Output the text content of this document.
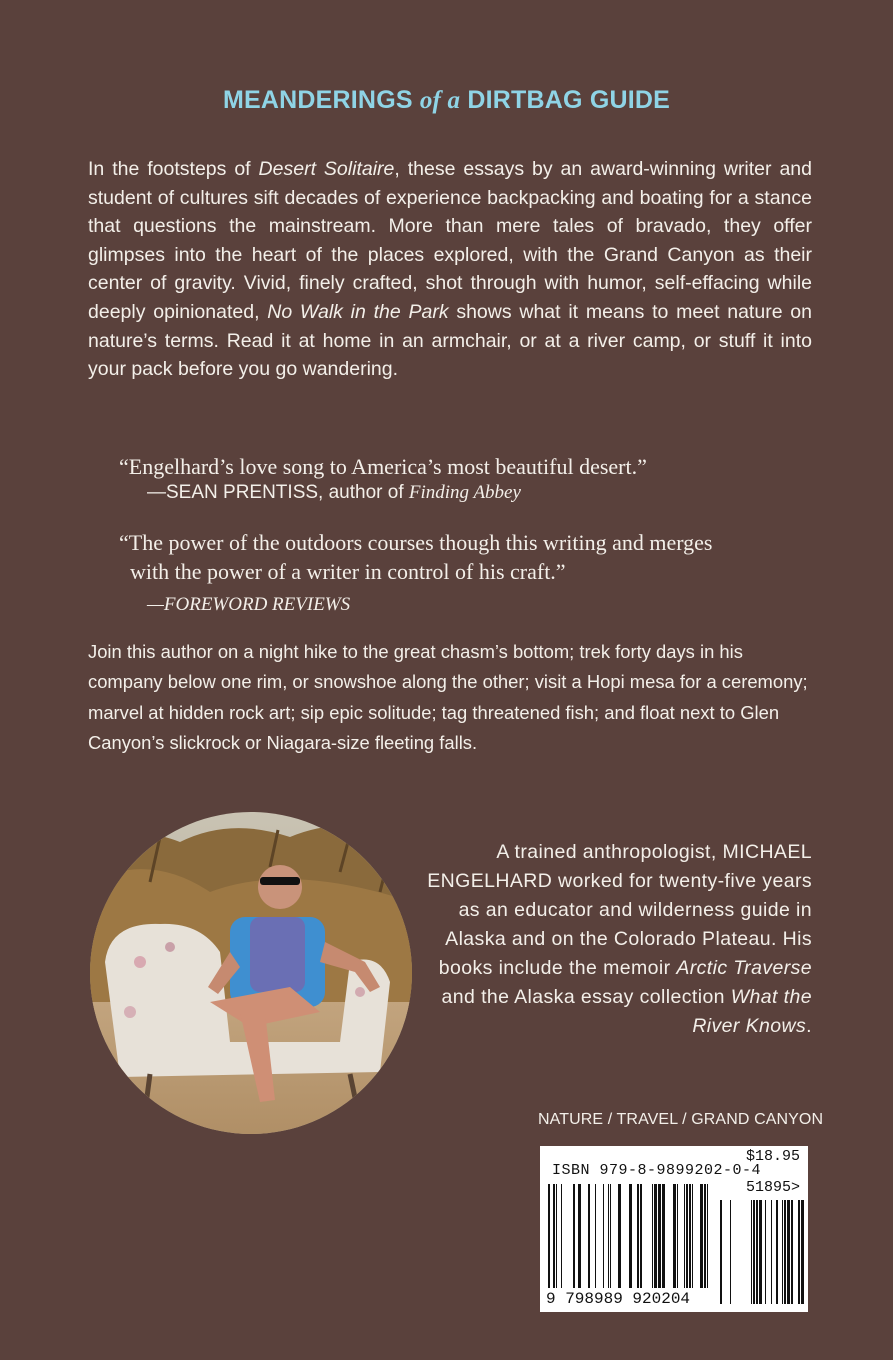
MEANDERINGS of a DIRTBAG GUIDE
In the footsteps of Desert Solitaire, these essays by an award-winning writer and student of cultures sift decades of experience backpacking and boating for a stance that questions the mainstream. More than mere tales of bravado, they offer glimpses into the heart of the places explored, with the Grand Canyon as their center of gravity. Vivid, finely crafted, shot through with humor, self-effacing while deeply opinionated, No Walk in the Park shows what it means to meet nature on nature’s terms. Read it at home in an armchair, or at a river camp, or stuff it into your pack before you go wandering.
“Engelhard’s love song to America’s most beautiful desert.”
—SEAN PRENTISS, author of Finding Abbey
“The power of the outdoors courses though this writing and merges
with the power of a writer in control of his craft.”
—FOREWORD REVIEWS
Join this author on a night hike to the great chasm’s bottom; trek forty days in his company below one rim, or snowshoe along the other; visit a Hopi mesa for a ceremony; marvel at hidden rock art; sip epic solitude; tag threatened fish; and float next to Glen Canyon’s slickrock or Niagara-size fleeting falls.
A trained anthropologist, MICHAEL ENGELHARD worked for twenty-five years as an educator and wilderness guide in Alaska and on the Colorado Plateau. His books include the memoir Arctic Traverse and the Alaska essay collection What the River Knows.
NATURE / TRAVEL / GRAND CANYON
$18.95
ISBN 979-8-9899202-0-4
51895>
9 798989 920204
